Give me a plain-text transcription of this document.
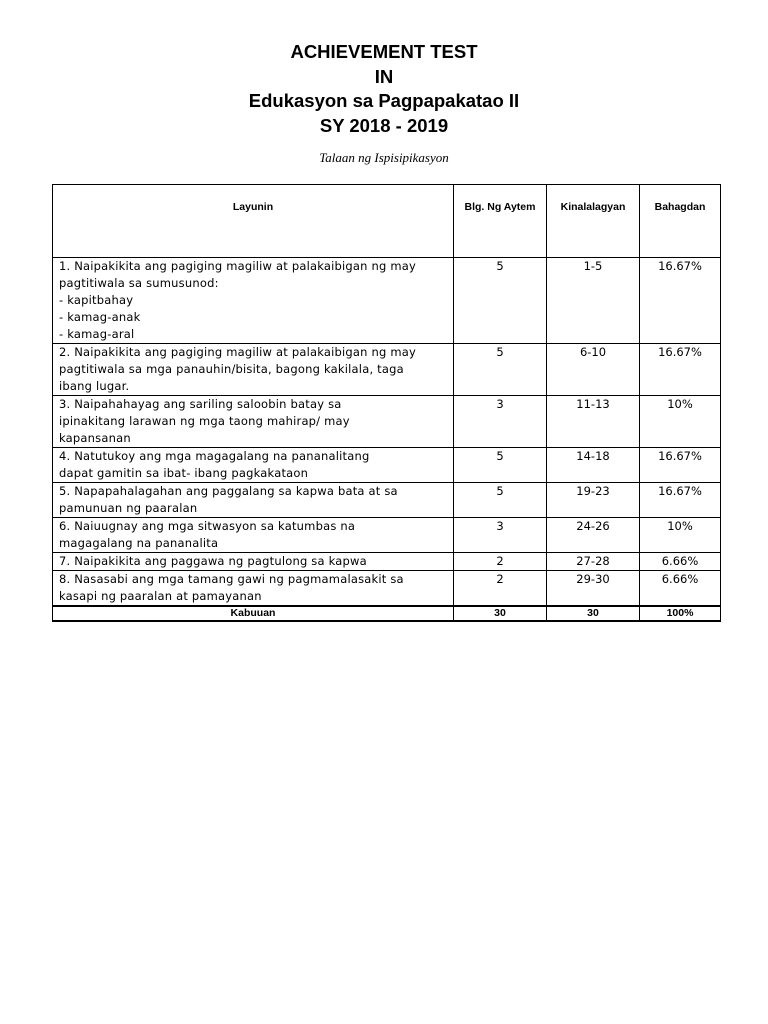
ACHIEVEMENT TEST
IN
Edukasyon sa Pagpapakatao II
SY 2018 - 2019
Talaan ng Ispisipikasyon
Layunin	Blg. Ng Aytem	Kinalalagyan	Bahagdan

1. Naipakikita ang pagiging magiliw at palakaibigan ng may
pagtitiwala sa sumusunod:
- kapitbahay
- kamag-anak
- kamag-aral	5	1-5	16.67%

2. Naipakikita ang pagiging magiliw at palakaibigan ng may
pagtitiwala sa mga panauhin/bisita, bagong kakilala, taga
ibang lugar.	5	6-10	16.67%

3. Naipahahayag ang sariling saloobin batay sa
ipinakitang larawan ng mga taong mahirap/ may
kapansanan	3	11-13	10%

4. Natutukoy ang mga magagalang na pananalitang
dapat gamitin sa ibat- ibang pagkakataon	5	14-18	16.67%

5. Napapahalagahan ang paggalang sa kapwa bata at sa
pamunuan ng paaralan	5	19-23	16.67%

6. Naiuugnay ang mga sitwasyon sa katumbas na
magagalang na pananalita	3	24-26	10%

7. Naipakikita ang paggawa ng pagtulong sa kapwa	2	27-28	6.66%

8. Nasasabi ang mga tamang gawi ng pagmamalasakit sa
kasapi ng paaralan at pamayanan	2	29-30	6.66%
Kabuuan	30	30	100%
